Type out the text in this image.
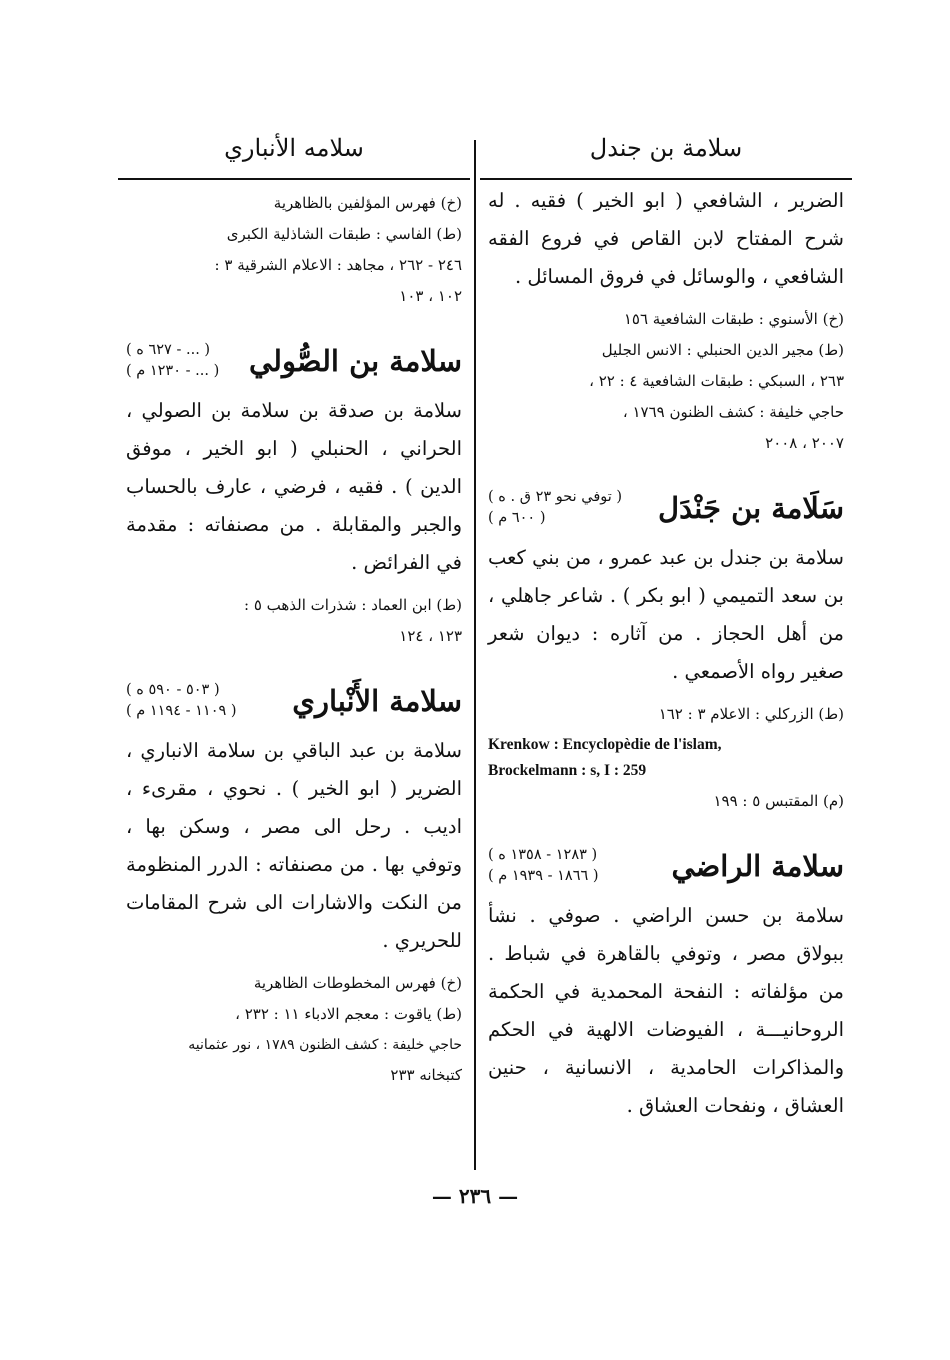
سلامة بن جندل

الضرير ، الشافعي ( ابو الخير ) فقيه . له شرح المفتاح لابن القاص في فروع الفقه الشافعي ، والوسائل في فروق المسائل .

(خ) الأسنوي : طبقات الشافعية ١٥٦

(ط) مجير الدين الحنبلي : الانس الجليل

٢٦٣ ، السبكي : طبقات الشافعية ٤ : ٢٢ ،

حاجي خليفة : كشف الظنون ١٧٦٩ ،

٢٠٠٧ ، ٢٠٠٨

سَلَامة بن جَنْدَل
( توفي نحو ٢٣ ق . ه )
( ٦٠٠ م )

سلامة بن جندل بن عبد عمرو ، من بني كعب بن سعد التميمي ( ابو بكر ) . شاعر جاهلي ، من أهل الحجاز . من آثاره : ديوان شعر صغير رواه الأصمعي .

(ط) الزركلي : الاعلام ٣ : ١٦٢

Krenkow : Encyclopèdie de l'islam,
Brockelmann : s, I : 259

(م) المقتبس ٥ : ١٩٩

سلامة الراضي
( ١٢٨٣ - ١٣٥٨ ه )
( ١٨٦٦ - ١٩٣٩ م )

سلامة بن حسن الراضي . صوفي . نشأ ببولاق مصر ، وتوفي بالقاهرة في شباط . من مؤلفاته : النفحة المحمدية في الحكمة الروحانيـــة ، الفيوضات الالهية في الحكم والمذاكرات الحامدية ، الانسانية ، حنين العشاق ، ونفحات العشاق .

سلامه الأنباري

(خ) فهرس المؤلفين بالظاهرية

(ط) الفاسي : طبقات الشاذلية الكبرى

٢٤٦ - ٢٦٢ ، مجاهد : الاعلام الشرقية ٣ :

١٠٢ ، ١٠٣

سلامة بن الصُّولي
( ... - ٦٢٧ ه )
( ... - ١٢٣٠ م )

سلامة بن صدقة بن سلامة بن الصولي ، الحراني ، الحنبلي ( ابو الخير ، موفق الدين ) . فقيه ، فرضي ، عارف بالحساب والجبر والمقابلة . من مصنفاته : مقدمة في الفرائض .

(ط) ابن العماد : شذرات الذهب ٥ :

١٢٣ ، ١٢٤

سلامة الأَنْباري
( ٥٠٣ - ٥٩٠ ه )
( ١١٠٩ - ١١٩٤ م )

سلامة بن عبد الباقي بن سلامة الانباري ، الضرير ( ابو الخير ) . نحوي ، مقرىء ، اديب . رحل الى مصر ، وسكن بها ، وتوفي بها . من مصنفاته : الدرر المنظومة من النكت والاشارات الى شرح المقامات للحريري .

(خ) فهرس المخطوطات الظاهرية

(ط) ياقوت : معجم الادباء ١١ : ٢٣٢ ،

حاجي خليفة : كشف الظنون ١٧٨٩ ، نور عثمانيه

كتبخانه ٢٣٣

— ٢٣٦ —
